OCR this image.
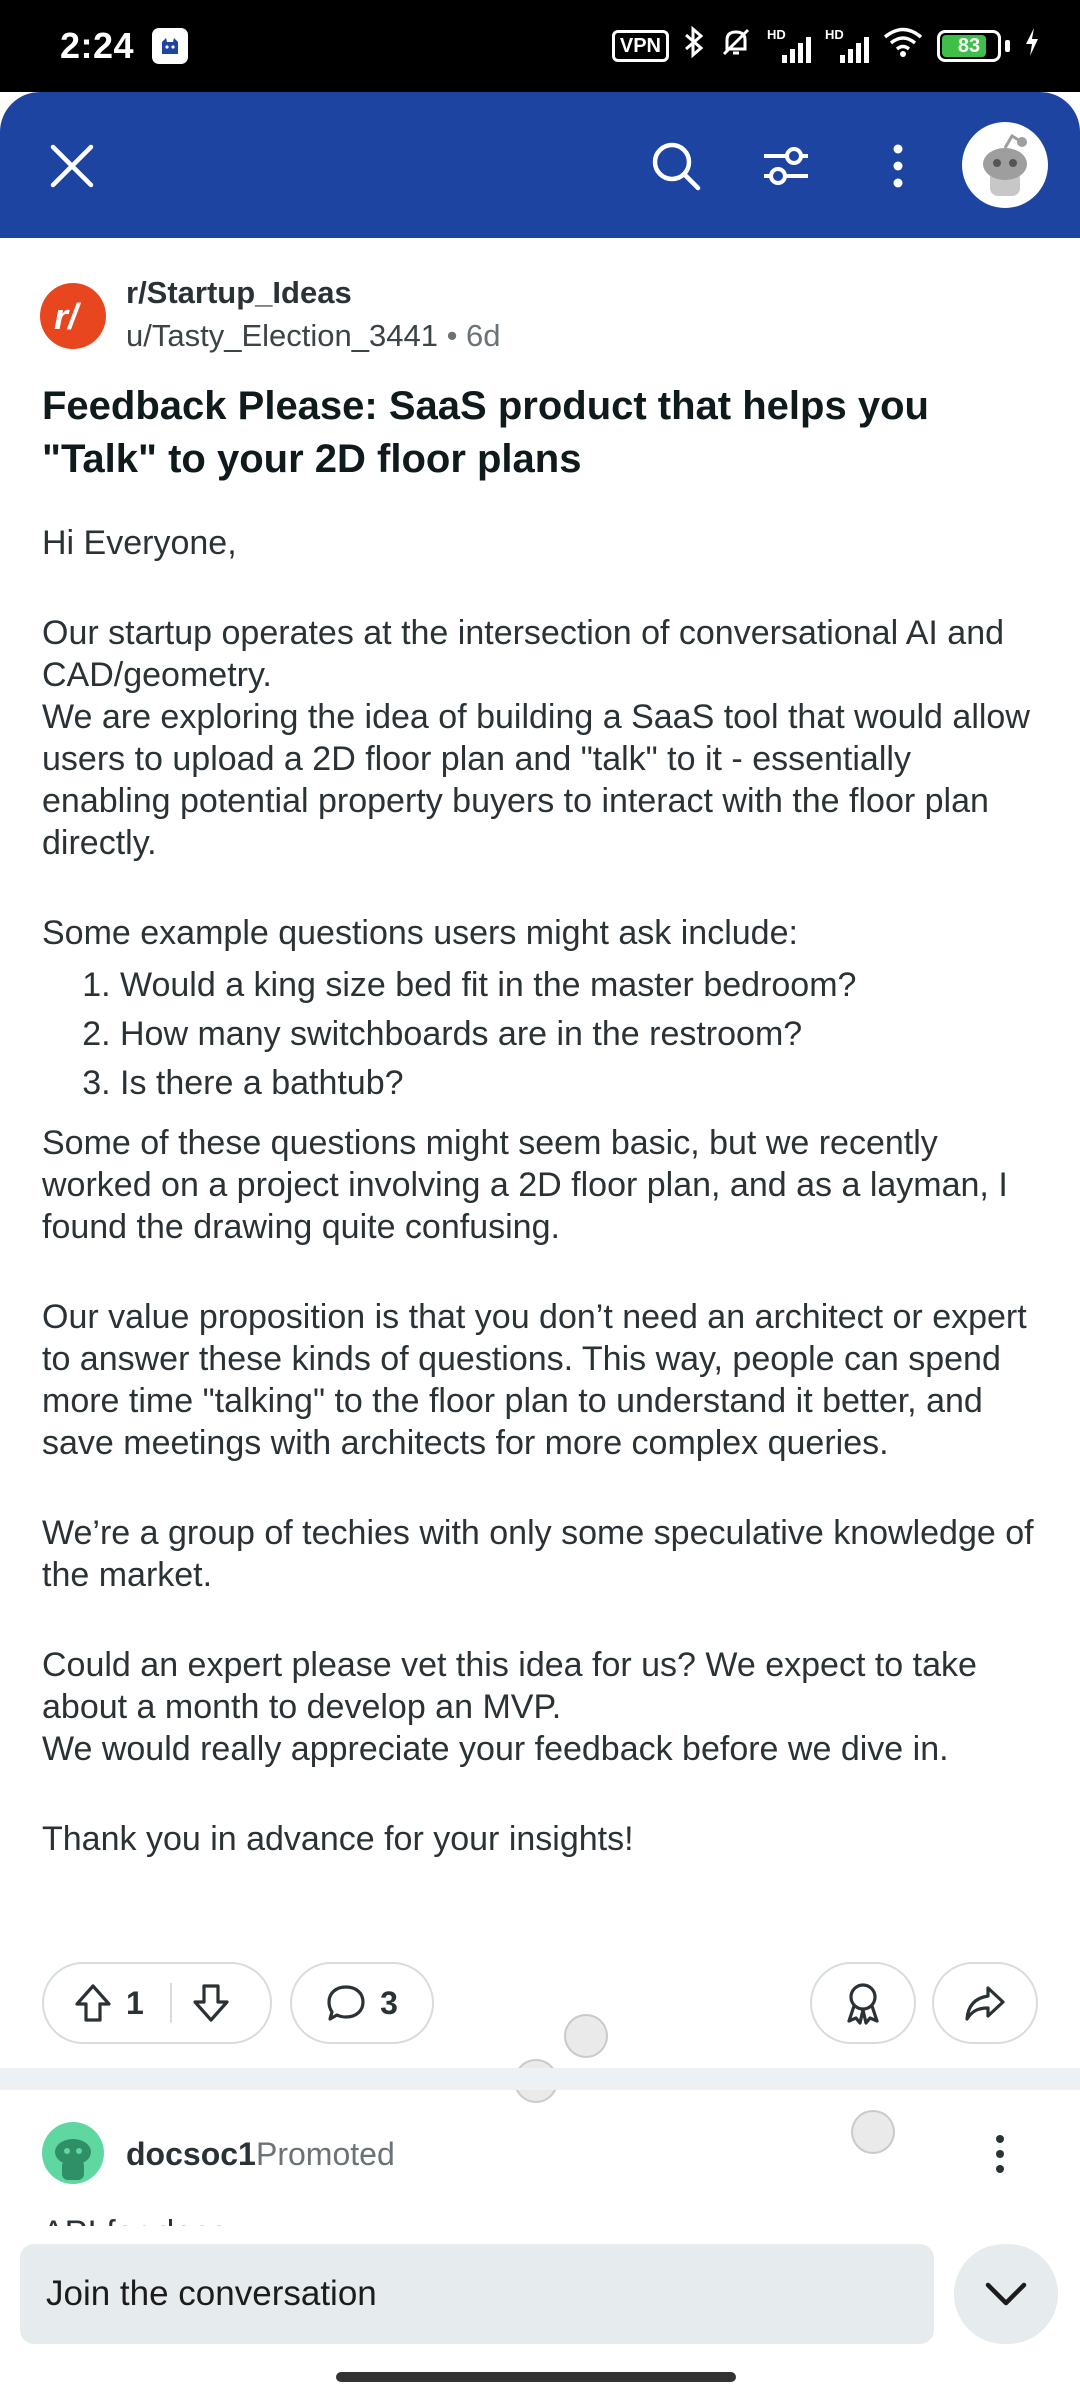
2:24	VPN
HD	HD
83
r/
r/Startup_Ideas
u/Tasty_Election_3441 • 6d
Feedback Please: SaaS product that helps you "Talk" to your 2D floor plans

Hi Everyone,

Our startup operates at the intersection of conversational AI and CAD/geometry.

We are exploring the idea of building a SaaS tool that would allow users to upload a 2D floor plan and "talk" to it - essentially enabling potential property buyers to interact with the floor plan directly.

Some example questions users might ask include:

1. Would a king size bed fit in the master bedroom?
2. How many switchboards are in the restroom?
3. Is there a bathtub?

Some of these questions might seem basic, but we recently worked on a project involving a 2D floor plan, and as a layman, I found the drawing quite confusing.

Our value proposition is that you don’t need an architect or expert to answer these kinds of questions. This way, people can spend more time "talking" to the floor plan to understand it better, and save meetings with architects for more complex queries.

We’re a group of techies with only some speculative knowledge of the market.

Could an expert please vet this idea for us? We expect to take about a month to develop an MVP.

We would really appreciate your feedback before we dive in.

Thank you in advance for your insights!

1	3
docsoc1 Promoted
Join the conversation
